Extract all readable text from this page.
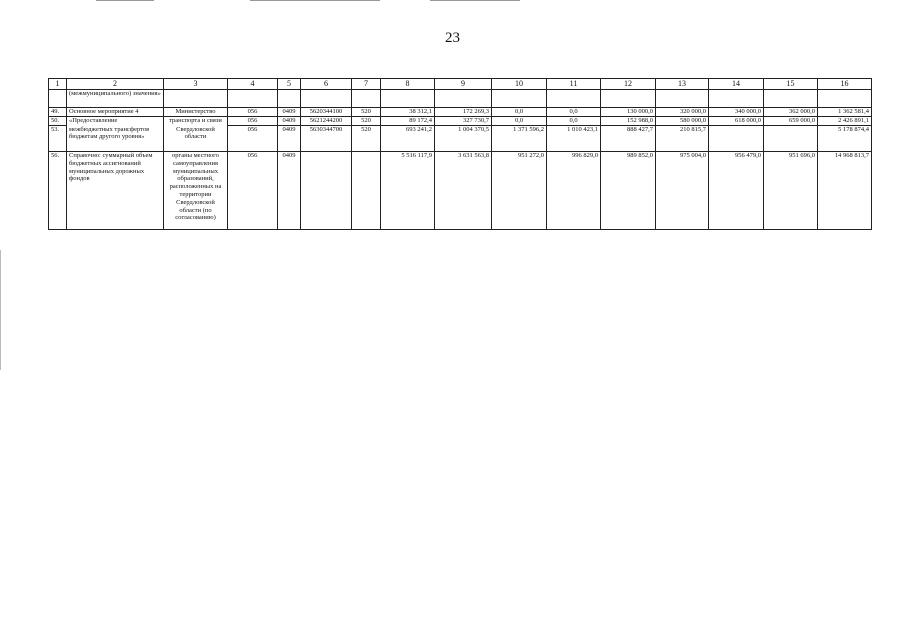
23
1	2	3	4	5	6	7	8	9	10	11	12	13	14	15	16
	(межмуниципального) значения»														
49.	Основное мероприятие 4	Министерство	056	0409	5620344100	520	38 312,1	172 269,3	0,0	0,0	130 000,0	320 000,0	340 000,0	362 000,0	1 362 581,4
50.	«Предоставление	транспорта и связи	056	0409	5621244200	520	89 172,4	327 730,7	0,0	0,0	152 988,0	580 000,0	618 000,0	659 000,0	2 426 891,1
53.	межбюджетных трансфертов бюджетам другого уровня»	Свердловской области	056	0409	5630344700	520	693 241,2	1 004 370,5	1 371 596,2	1 010 423,1	888 427,7	210 815,7			5 178 874,4
56.	Справочно: суммарный объем бюджетных ассигнований муниципальных дорожных фондов	органы местного самоуправления муниципальных образований, расположенных на территории Свердловской области (по согласованию)	056	0409			5 516 117,9	3 631 563,8	951 272,0	996 829,0	989 852,0	975 004,0	956 479,0	951 696,0	14 968 813,7
